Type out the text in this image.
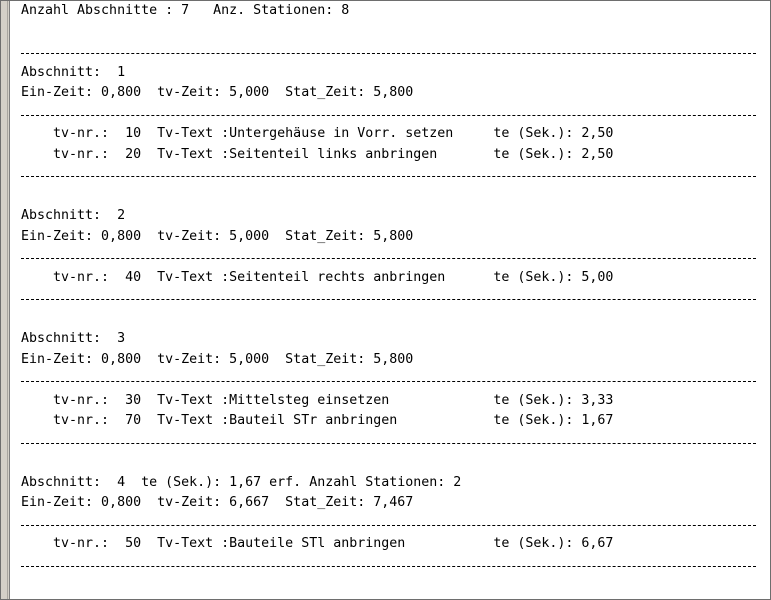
Anzahl Abschnitte : 7   Anz. Stationen: 8
Abschnitt:  1
Ein-Zeit: 0,800  tv-Zeit: 5,000  Stat_Zeit: 5,800
tv-nr.:  10  Tv-Text :Untergehäuse in Vorr. setzen     te (Sek.): 2,50
tv-nr.:  20  Tv-Text :Seitenteil links anbringen       te (Sek.): 2,50
Abschnitt:  2
Ein-Zeit: 0,800  tv-Zeit: 5,000  Stat_Zeit: 5,800
tv-nr.:  40  Tv-Text :Seitenteil rechts anbringen      te (Sek.): 5,00
Abschnitt:  3
Ein-Zeit: 0,800  tv-Zeit: 5,000  Stat_Zeit: 5,800
tv-nr.:  30  Tv-Text :Mittelsteg einsetzen             te (Sek.): 3,33
tv-nr.:  70  Tv-Text :Bauteil STr anbringen            te (Sek.): 1,67
Abschnitt:  4  te (Sek.): 1,67 erf. Anzahl Stationen: 2
Ein-Zeit: 0,800  tv-Zeit: 6,667  Stat_Zeit: 7,467
tv-nr.:  50  Tv-Text :Bauteile STl anbringen           te (Sek.): 6,67
